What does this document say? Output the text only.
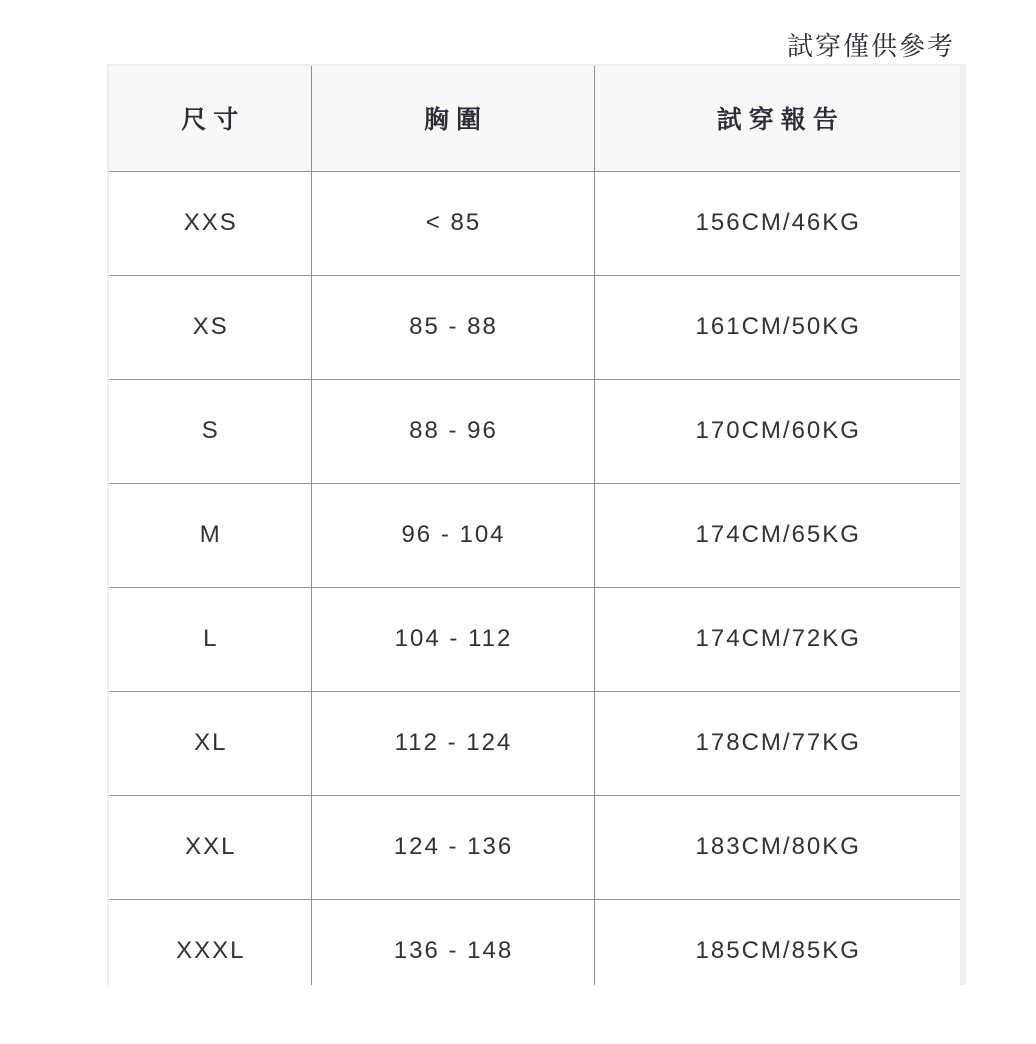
試穿僅供參考
尺寸	胸圍	試穿報告
XXS	< 85	156CM/46KG
XS	85 - 88	161CM/50KG
S	88 - 96	170CM/60KG
M	96 - 104	174CM/65KG
L	104 - 112	174CM/72KG
XL	112 - 124	178CM/77KG
XXL	124 - 136	183CM/80KG
XXXL	136 - 148	185CM/85KG
